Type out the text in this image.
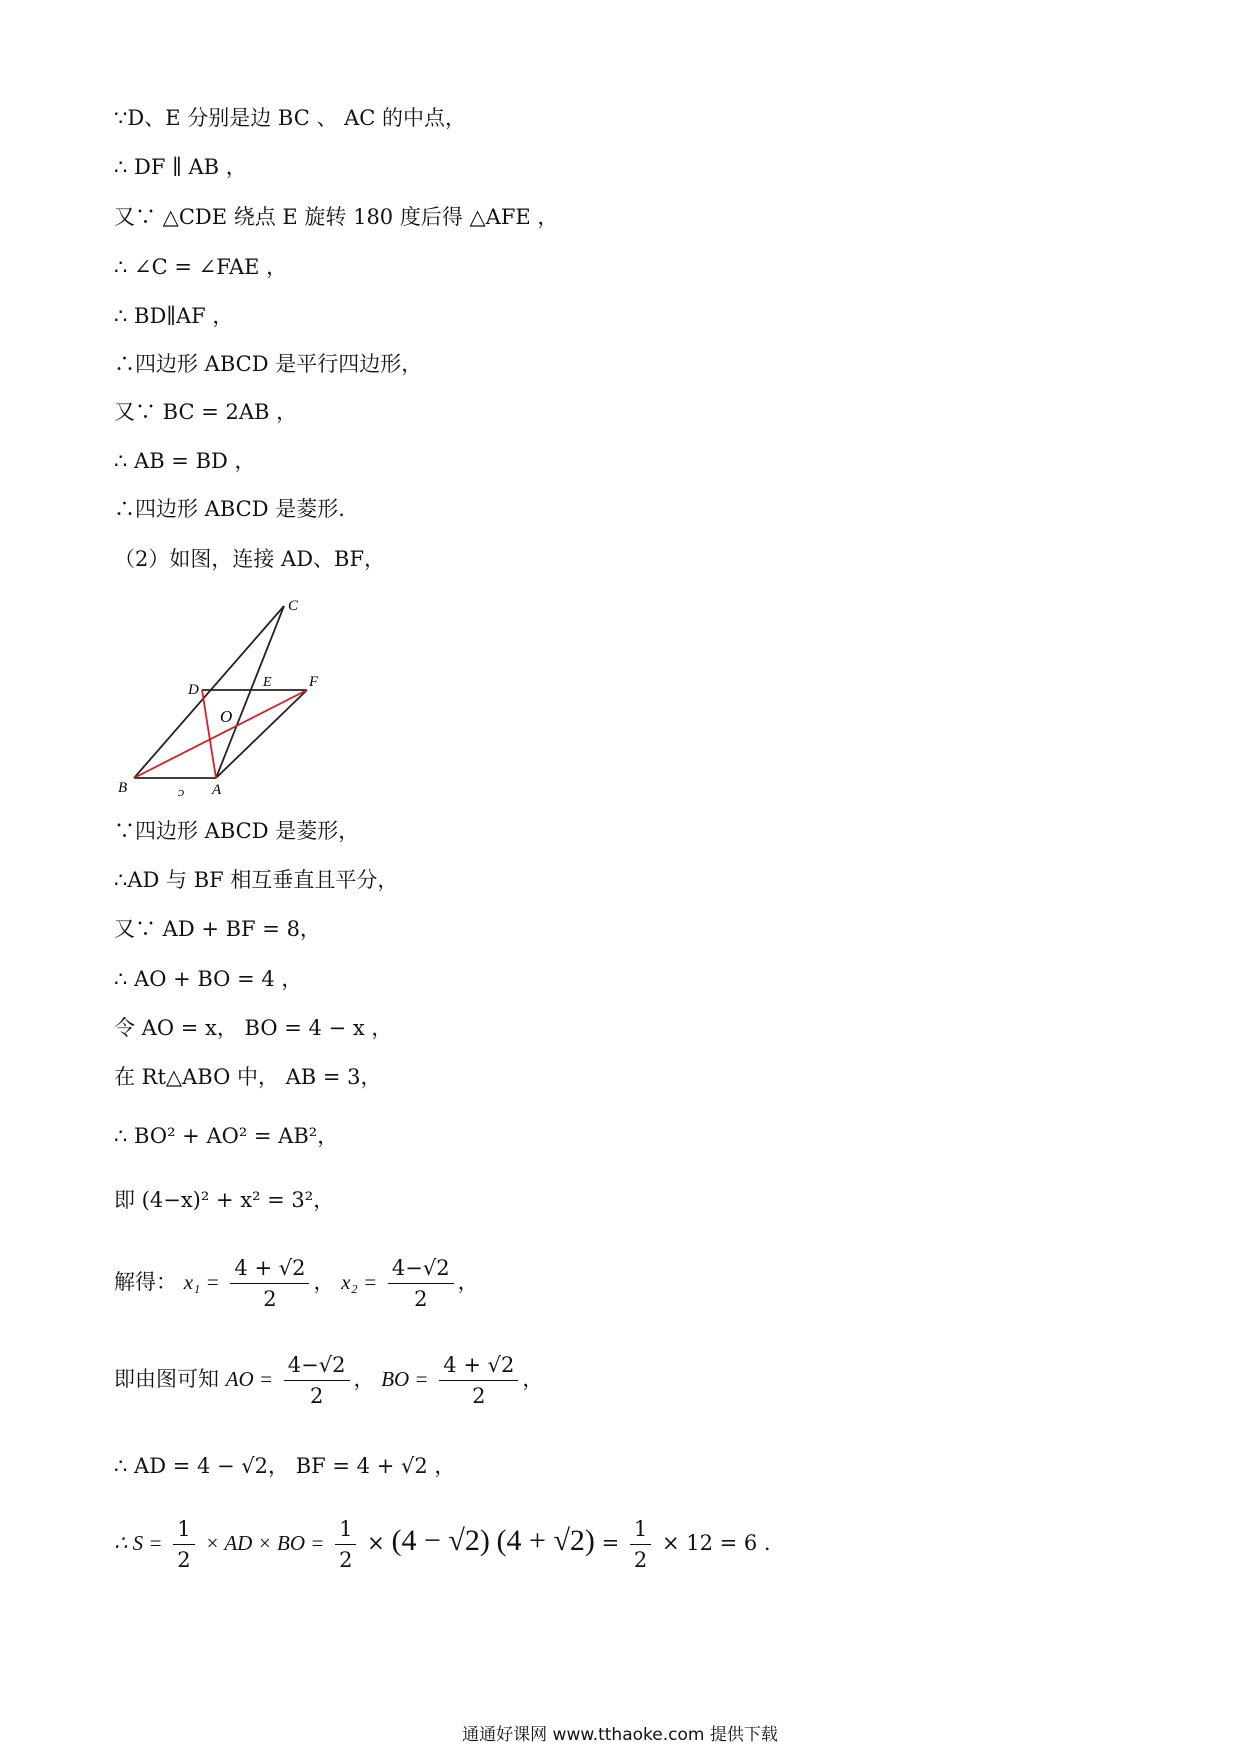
∵D、E 分别是边 BC 、 AC 的中点，
∴ DF ∥ AB ，
又∵ △CDE 绕点 E 旋转 180 度后得 △AFE ，
∴ ∠C = ∠FAE ，
∴ BD∥AF ，
∴四边形 ABCD 是平行四边形，
又∵ BC = 2AB ，
∴ AB = BD ，
∴四边形 ABCD 是菱形.
（2）如图，连接 AD、BF，
C
D	E F
O
B	A
ᴐ
∵四边形 ABCD 是菱形，
∴AD 与 BF 相互垂直且平分，
又∵ AD + BF = 8，
∴ AO + BO = 4 ，
令 AO = x， BO = 4 − x ，
在 Rt△ABO 中， AB = 3，
∴ BO² + AO² = AB²，
即 (4−x)² + x² = 3²，
解得： $x_1 = \frac{4 + √2}{2}$ ， $x_2 = \frac{4-√2}{2}$ ，
即由图可知 AO = $\frac{4-√2}{2}$ ， BO = $\frac{4 + √2}{2}$ ，
∴ AD = 4 − √2， BF = 4 + √2 ，
∴ $S = \frac{1}{2}$ × AD × BO = $\frac{1}{2} \times (4 - √2) (4 + √2) = \frac{1}{2} \times 12 = 6$ .
通通好课网 www.tthaoke.com 提供下载
